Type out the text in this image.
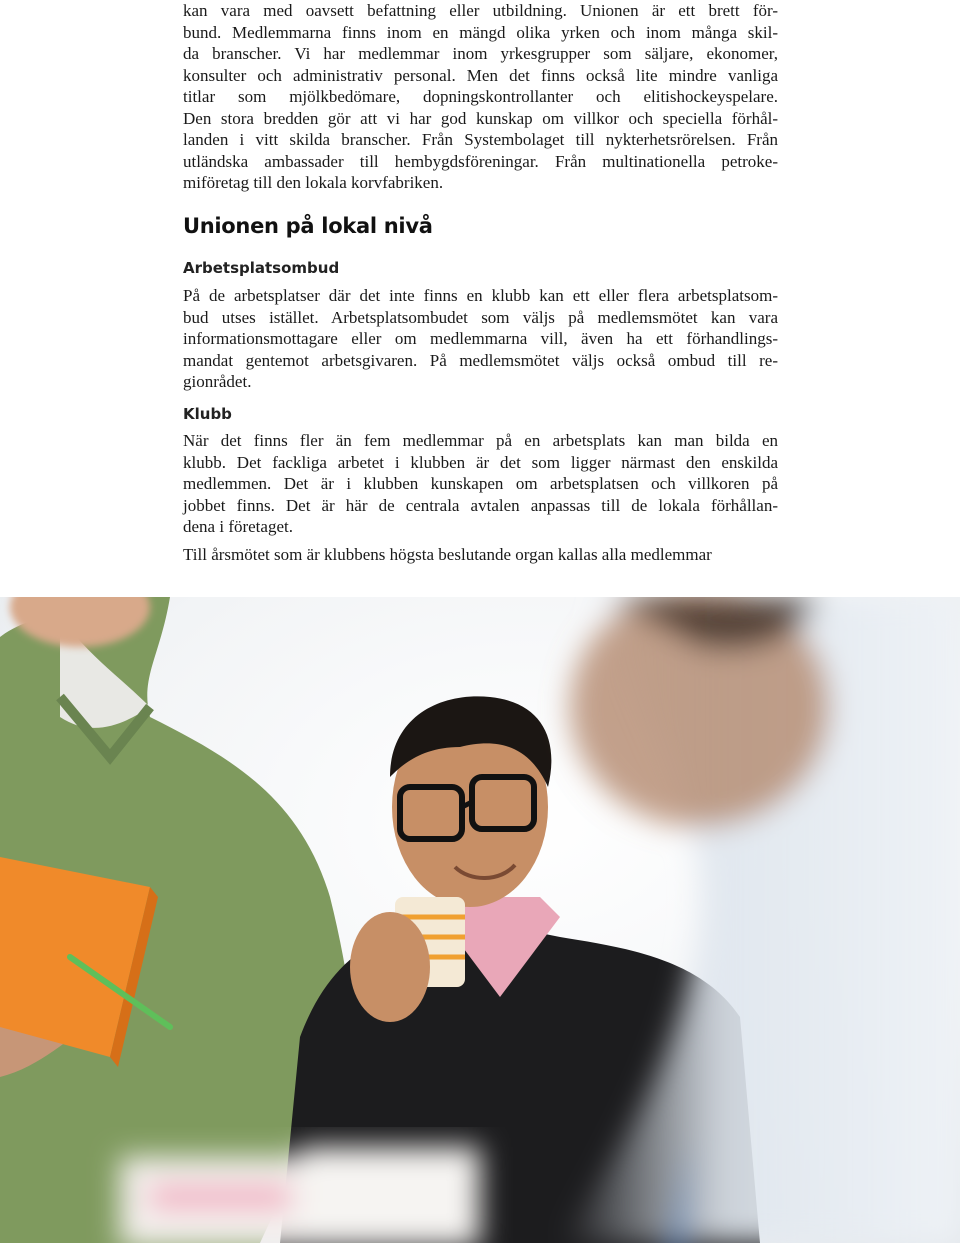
kan vara med oavsett befattning eller utbildning. Unionen är ett brett för-
bund. Medlemmarna finns inom en mängd olika yrken och inom många skil-
da branscher. Vi har medlemmar inom yrkesgrupper som säljare, ekonomer,
konsulter och administrativ personal. Men det finns också lite mindre vanliga
titlar som mjölkbedömare, dopningskontrollanter och elitishockeyspelare.
Den stora bredden gör att vi har god kunskap om villkor och speciella förhål-
landen i vitt skilda branscher. Från Systembolaget till nykterhetsrörelsen. Från
utländska ambassader till hembygdsföreningar. Från multinationella petroke-
miföretag till den lokala korvfabriken.
Unionen på lokal nivå
Arbetsplatsombud
På de arbetsplatser där det inte finns en klubb kan ett eller flera arbetsplatsom-
bud utses istället. Arbetsplatsombudet som väljs på medlemsmötet kan vara
informationsmottagare eller om medlemmarna vill, även ha ett förhandlings-
mandat gentemot arbetsgivaren. På medlemsmötet väljs också ombud till re-
gionrådet.
Klubb
När det finns fler än fem medlemmar på en arbetsplats kan man bilda en
klubb. Det fackliga arbetet i klubben är det som ligger närmast den enskilda
medlemmen. Det är i klubben kunskapen om arbetsplatsen och villkoren på
jobbet finns. Det är här de centrala avtalen anpassas till de lokala förhållan-
dena i företaget.

Till årsmötet som är klubbens högsta beslutande organ kallas alla medlemmar
